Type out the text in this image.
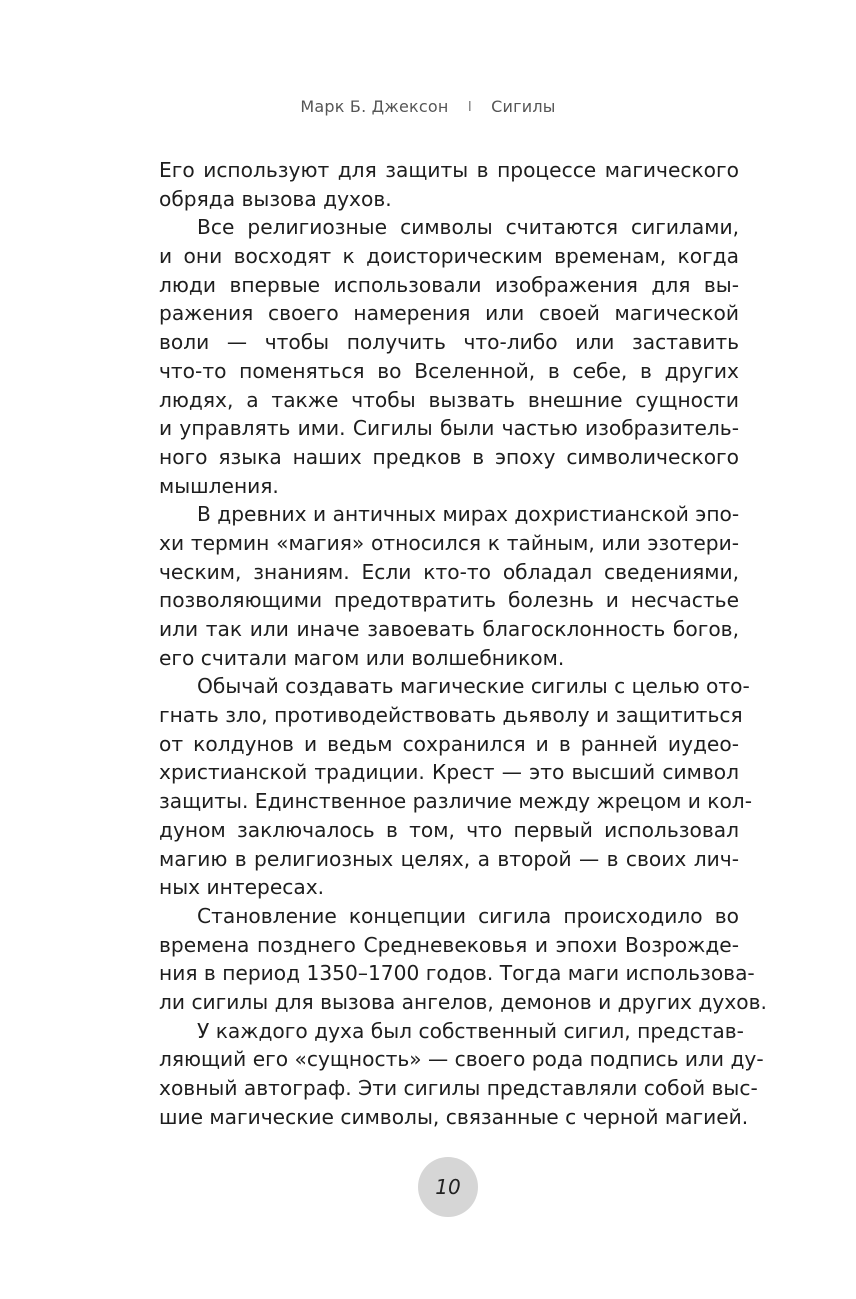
Марк Б. Джексон I Сигилы
Его используют для защиты в процессе магического
обряда вызова духов.
Все религиозные символы считаются сигилами,
и они восходят к доисторическим временам, когда
люди впервые использовали изображения для вы-
ражения своего намерения или своей магической
воли — чтобы получить что-либо или заставить
что-то поменяться во Вселенной, в себе, в других
людях, а также чтобы вызвать внешние сущности
и управлять ими. Сигилы были частью изобразитель-
ного языка наших предков в эпоху символического
мышления.
В древних и античных мирах дохристианской эпо-
хи термин «магия» относился к тайным, или эзотери-
ческим, знаниям. Если кто-то обладал сведениями,
позволяющими предотвратить болезнь и несчастье
или так или иначе завоевать благосклонность богов,
его считали магом или волшебником.
Обычай создавать магические сигилы с целью ото-
гнать зло, противодействовать дьяволу и защититься
от колдунов и ведьм сохранился и в ранней иудео-
христианской традиции. Крест — это высший символ
защиты. Единственное различие между жрецом и кол-
дуном заключалось в том, что первый использовал
магию в религиозных целях, а второй — в своих лич-
ных интересах.
Становление концепции сигила происходило во
времена позднего Средневековья и эпохи Возрожде-
ния в период 1350–1700 годов. Тогда маги использова-
ли сигилы для вызова ангелов, демонов и других духов.
У каждого духа был собственный сигил, представ-
ляющий его «сущность» — своего рода подпись или ду-
ховный автограф. Эти сигилы представляли собой выс-
шие магические символы, связанные с черной магией.
10
